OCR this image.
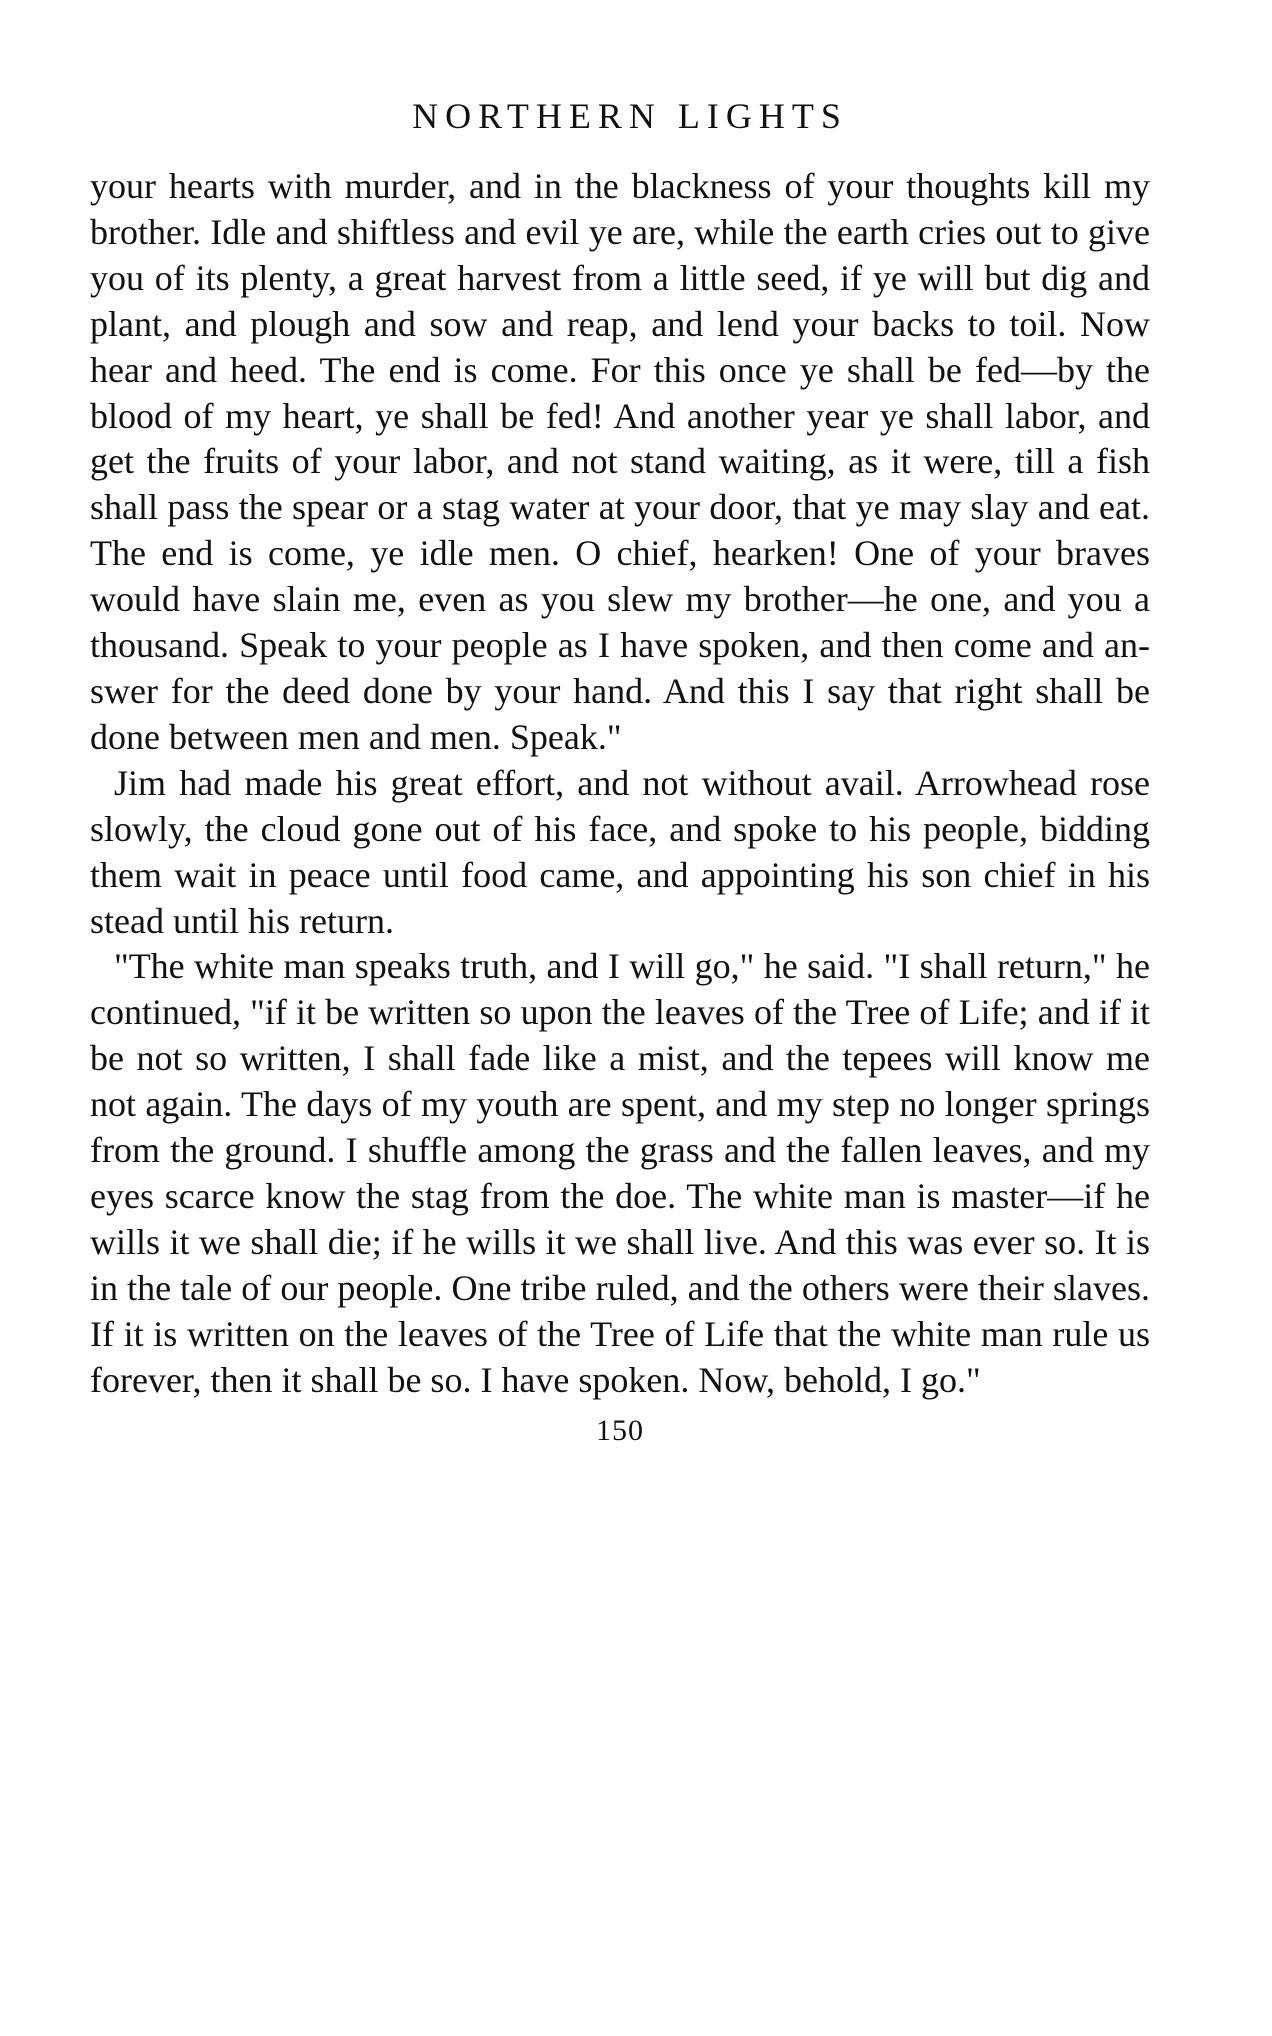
NORTHERN LIGHTS

your hearts with murder, and in the blackness of your thoughts kill my brother. Idle and shiftless and evil ye are, while the earth cries out to give you of its plenty, a great harvest from a little seed, if ye will but dig and plant, and plough and sow and reap, and lend your backs to toil. Now hear and heed. The end is come. For this once ye shall be fed—by the blood of my heart, ye shall be fed! And another year ye shall labor, and get the fruits of your labor, and not stand waiting, as it were, till a fish shall pass the spear or a stag water at your door, that ye may slay and eat. The end is come, ye idle men. O chief, hearken! One of your braves would have slain me, even as you slew my brother—he one, and you a thousand. Speak to your people as I have spoken, and then come and answer for the deed done by your hand. And this I say that right shall be done between men and men. Speak."

Jim had made his great effort, and not without avail. Arrowhead rose slowly, the cloud gone out of his face, and spoke to his people, bidding them wait in peace until food came, and appointing his son chief in his stead until his return.

"The white man speaks truth, and I will go," he said. "I shall return," he continued, "if it be written so upon the leaves of the Tree of Life; and if it be not so written, I shall fade like a mist, and the tepees will know me not again. The days of my youth are spent, and my step no longer springs from the ground. I shuffle among the grass and the fallen leaves, and my eyes scarce know the stag from the doe. The white man is master—if he wills it we shall die; if he wills it we shall live. And this was ever so. It is in the tale of our people. One tribe ruled, and the others were their slaves. If it is written on the leaves of the Tree of Life that the white man rule us forever, then it shall be so. I have spoken. Now, behold, I go."

150
